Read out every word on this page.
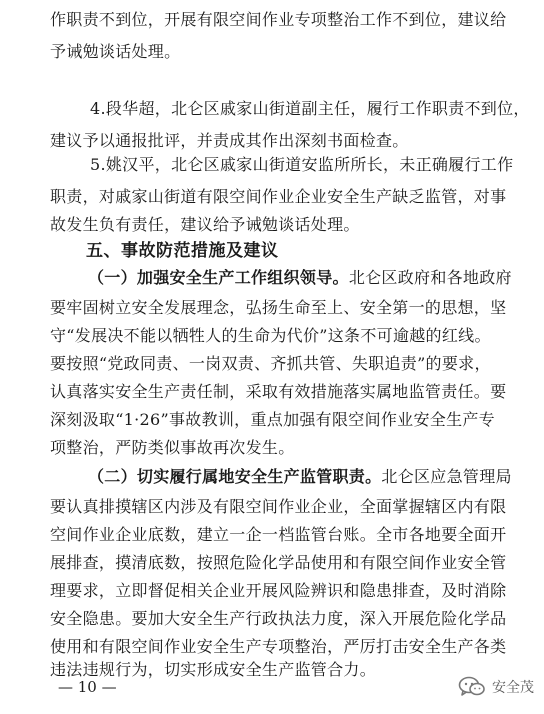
作职责不到位，开展有限空间作业专项整治工作不到位，建议给
予诫勉谈话处理。
4.段华超，北仑区戚家山街道副主任，履行工作职责不到位，
建议予以通报批评，并责成其作出深刻书面检查。
5.姚汉平，北仑区戚家山街道安监所所长，未正确履行工作
职责，对戚家山街道有限空间作业企业安全生产缺乏监管，对事
故发生负有责任，建议给予诫勉谈话处理。
五、事故防范措施及建议
（一）加强安全生产工作组织领导。北仑区政府和各地政府
要牢固树立安全发展理念，弘扬生命至上、安全第一的思想，坚
守“发展决不能以牺牲人的生命为代价”这条不可逾越的红线。
要按照“党政同责、一岗双责、齐抓共管、失职追责”的要求，
认真落实安全生产责任制，采取有效措施落实属地监管责任。要
深刻汲取“1·26”事故教训，重点加强有限空间作业安全生产专
项整治，严防类似事故再次发生。
（二）切实履行属地安全生产监管职责。北仑区应急管理局
要认真排摸辖区内涉及有限空间作业企业，全面掌握辖区内有限
空间作业企业底数，建立一企一档监管台账。全市各地要全面开
展排查，摸清底数，按照危险化学品使用和有限空间作业安全管
理要求，立即督促相关企业开展风险辨识和隐患排查，及时消除
安全隐患。要加大安全生产行政执法力度，深入开展危险化学品
使用和有限空间作业安全生产专项整治，严厉打击安全生产各类
违法违规行为，切实形成安全生产监管合力。
— 10 —	安全茂
